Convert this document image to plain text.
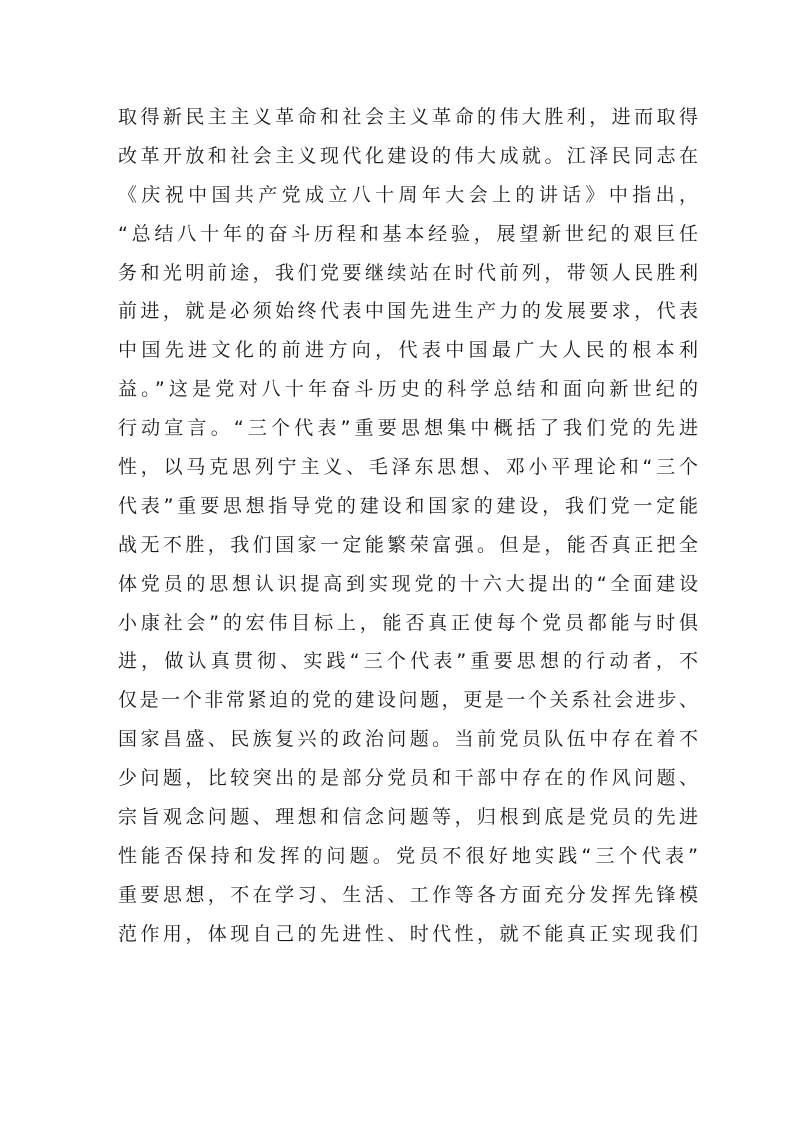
取得新民主主义革命和社会主义革命的伟大胜利，进而取得
改革开放和社会主义现代化建设的伟大成就。江泽民同志在
《庆祝中国共产党成立八十周年大会上的讲话》中指出，
“总结八十年的奋斗历程和基本经验，展望新世纪的艰巨任
务和光明前途，我们党要继续站在时代前列，带领人民胜利
前进，就是必须始终代表中国先进生产力的发展要求，代表
中国先进文化的前进方向，代表中国最广大人民的根本利
益。”这是党对八十年奋斗历史的科学总结和面向新世纪的
行动宣言。“三个代表”重要思想集中概括了我们党的先进
性，以马克思列宁主义、毛泽东思想、邓小平理论和“三个
代表”重要思想指导党的建设和国家的建设，我们党一定能
战无不胜，我们国家一定能繁荣富强。但是，能否真正把全
体党员的思想认识提高到实现党的十六大提出的“全面建设
小康社会”的宏伟目标上，能否真正使每个党员都能与时俱
进，做认真贯彻、实践“三个代表”重要思想的行动者，不
仅是一个非常紧迫的党的建设问题，更是一个关系社会进步、
国家昌盛、民族复兴的政治问题。当前党员队伍中存在着不
少问题，比较突出的是部分党员和干部中存在的作风问题、
宗旨观念问题、理想和信念问题等，归根到底是党员的先进
性能否保持和发挥的问题。党员不很好地实践“三个代表”
重要思想，不在学习、生活、工作等各方面充分发挥先锋模
范作用，体现自己的先进性、时代性，就不能真正实现我们
